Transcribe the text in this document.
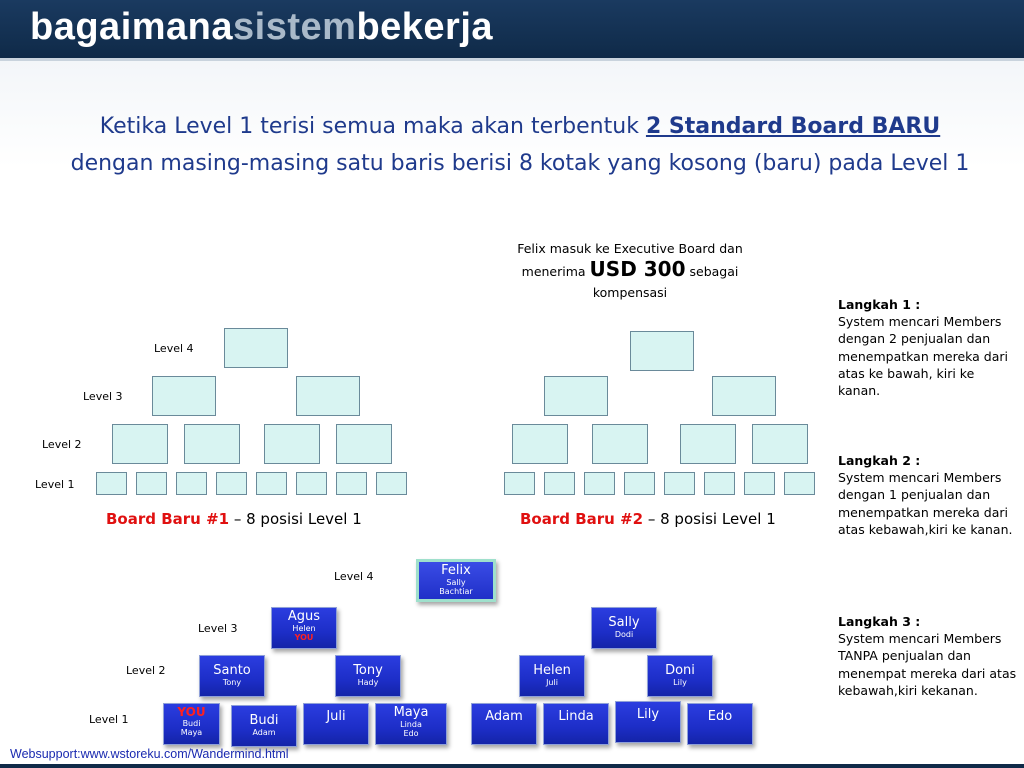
bagaimanasistembekerja
Ketika Level 1 terisi semua maka akan terbentuk 2 Standard Board BARU dengan masing-masing satu baris berisi 8 kotak yang kosong (baru) pada Level 1
Felix masuk ke Executive Board dan
menerima USD 300 sebagai
kompensasi
Level 4
Level 3
Level 2
Level 1
Board Baru #1 – 8 posisi Level 1	Board Baru #2 – 8 posisi Level 1
Langkah 1 :
System mencari Members dengan 2 penjualan dan menempatkan mereka dari atas ke bawah, kiri ke kanan.
Langkah 2 :
System mencari Members dengan 1 penjualan dan menempatkan mereka dari atas kebawah,kiri ke kanan.
Langkah 3 :
System mencari Members TANPA penjualan dan menempat mereka dari atas kebawah,kiri kekanan.
Level 4
Level 3
Level 2
Level 1
Felix
Sally
Bachtiar
Agus
Helen
YOU
Sally
Dodi
Santo
Tony
Tony
Hady
Helen
Juli
Doni
Lily
YOU
Budi
Maya
Budi
Adam
Juli	Maya
Linda
Edo
Adam	Linda	Lily	Edo
Websupport:www.wstoreku.com/Wandermind.html
